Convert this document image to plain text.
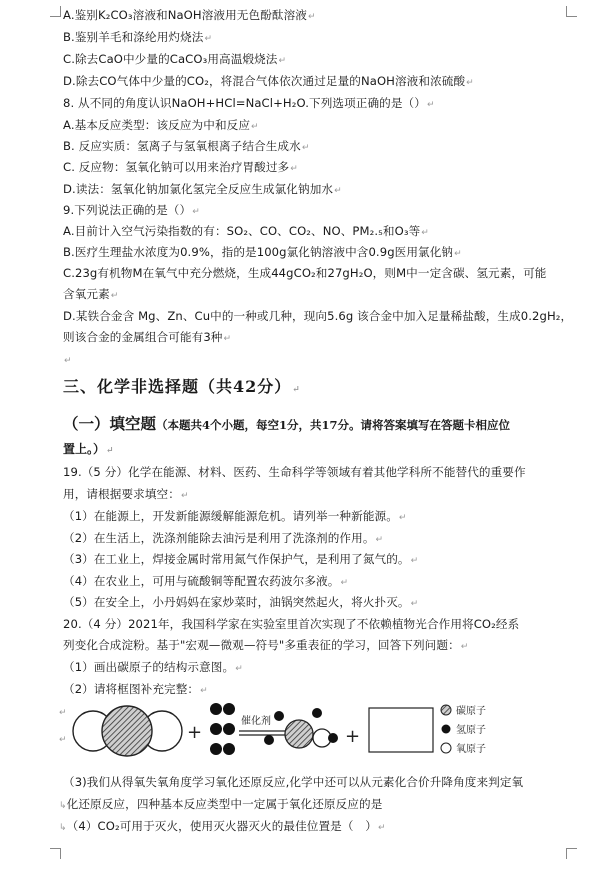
A.鉴别K₂CO₃溶液和NaOH溶液用无色酚酞溶液↵
B.鉴别羊毛和涤纶用灼烧法↵
C.除去CaO中少量的CaCO₃用高温煅烧法↵
D.除去CO气体中少量的CO₂，将混合气体依次通过足量的NaOH溶液和浓硫酸↵
8. 从不同的角度认识NaOH+HCl=NaCl+H₂O.下列选项正确的是（）↵
A.基本反应类型：该反应为中和反应↵
B. 反应实质：氢离子与氢氧根离子结合生成水↵
C. 反应物：氢氧化钠可以用来治疗胃酸过多↵
D.读法：氢氧化钠加氯化氢完全反应生成氯化钠加水↵
9.下列说法正确的是（）↵
A.目前计入空气污染指数的有：SO₂、CO、CO₂、NO、PM₂.₅和O₃等↵
B.医疗生理盐水浓度为0.9%，指的是100g氯化钠溶液中含0.9g医用氯化钠↵
C.23g有机物M在氧气中充分燃烧，生成44gCO₂和27gH₂O，则M中一定含碳、氢元素，可能
含氧元素↵
D.某铁合金含 Mg、Zn、Cu中的一种或几种，现向5.6g 该合金中加入足量稀盐酸，生成0.2gH₂，
则该合金的金属组合可能有3种↵
↵
三、化学非选择题（共42分）↵
（一）填空题（本题共4个小题，每空1分，共17分。请将答案填写在答题卡相应位
置上。）↵
19.（5 分）化学在能源、材料、医药、生命科学等领域有着其他学科所不能替代的重要作
用，请根据要求填空：↵
（1）在能源上，开发新能源缓解能源危机。请列举一种新能源。↵
（2）在生活上，洗涤剂能除去油污是利用了洗涤剂的作用。↵
（3）在工业上，焊接金属时常用氮气作保护气，是利用了氮气的。↵
（4）在农业上，可用与硫酸铜等配置农药波尔多液。↵
（5）在安全上，小丹妈妈在家炒菜时，油锅突然起火，将火扑灭。↵
20.（4 分）2021年，我国科学家在实验室里首次实现了不依赖植物光合作用将CO₂经系
列变化合成淀粉。基于"宏观—微观—符号"多重表征的学习，回答下列问题：↵
（1）画出碳原子的结构示意图。↵
（2）请将框图补充完整：↵
+
催化剂
+
碳原子
氢原子
氧原子
↵
↵
（3)我们从得氧失氧角度学习氧化还原反应,化学中还可以从元素化合价升降角度来判定氧
↳化还原反应，四种基本反应类型中一定属于氧化还原反应的是
↳（4）CO₂可用于灭火，使用灭火器灭火的最佳位置是（　）↵
